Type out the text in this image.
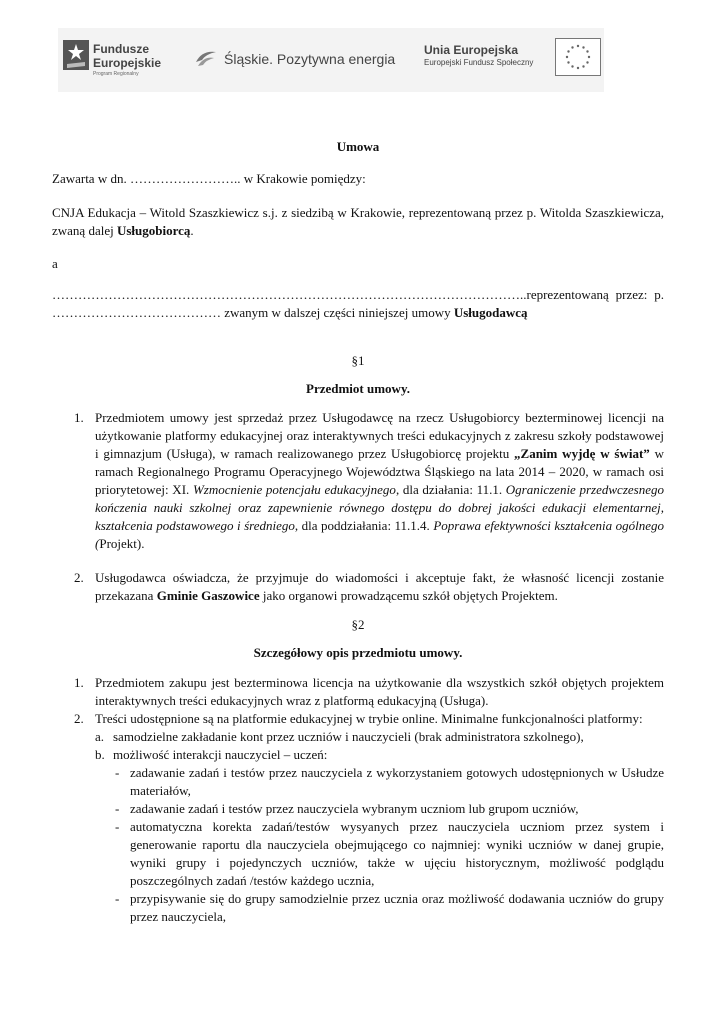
Fundusze
Europejskie
Program Regionalny
Śląskie. Pozytywna energia
Unia Europejska
Europejski Fundusz Społeczny

Umowa

Zawarta w dn. …………………….. w Krakowie pomiędzy:

CNJA Edukacja – Witold Szaszkiewicz s.j. z siedzibą w Krakowie, reprezentowaną przez p. Witolda Szaszkiewicza, zwaną dalej Usługobiorcą.

a

………………………………………………………………………………………………..reprezentowaną przez: p. ………………………………… zwanym w dalszej części niniejszej umowy Usługodawcą

§1

Przedmiot umowy.

1. Przedmiotem umowy jest sprzedaż przez Usługodawcę na rzecz Usługobiorcy bezterminowej licencji na użytkowanie platformy edukacyjnej oraz interaktywnych treści edukacyjnych z zakresu szkoły podstawowej i gimnazjum (Usługa), w ramach realizowanego przez Usługobiorcę projektu „Zanim wyjdę w świat” w ramach Regionalnego Programu Operacyjnego Województwa Śląskiego na lata 2014 – 2020, w ramach osi priorytetowej: XI. Wzmocnienie potencjału edukacyjnego, dla działania: 11.1. Ograniczenie przedwczesnego kończenia nauki szkolnej oraz zapewnienie równego dostępu do dobrej jakości edukacji elementarnej, kształcenia podstawowego i średniego, dla poddziałania: 11.1.4. Poprawa efektywności kształcenia ogólnego (Projekt).
2. Usługodawca oświadcza, że przyjmuje do wiadomości i akceptuje fakt, że własność licencji zostanie przekazana Gminie Gaszowice jako organowi prowadzącemu szkół objętych Projektem.

§2

Szczegółowy opis przedmiotu umowy.

1. Przedmiotem zakupu jest bezterminowa licencja na użytkowanie dla wszystkich szkół objętych projektem interaktywnych treści edukacyjnych wraz z platformą edukacyjną (Usługa).
2. Treści udostępnione są na platformie edukacyjnej w trybie online. Minimalne funkcjonalności platformy:
a. samodzielne zakładanie kont przez uczniów i nauczycieli (brak administratora szkolnego),
b. możliwość interakcji nauczyciel – uczeń:
- zadawanie zadań i testów przez nauczyciela z wykorzystaniem gotowych udostępnionych w Usłudze materiałów,
- zadawanie zadań i testów przez nauczyciela wybranym uczniom lub grupom uczniów,
- automatyczna korekta zadań/testów wysyanych przez nauczyciela uczniom przez system i generowanie raportu dla nauczyciela obejmującego co najmniej: wyniki uczniów w danej grupie, wyniki grupy i pojedynczych uczniów, także w ujęciu historycznym, możliwość podglądu poszczególnych zadań /testów każdego ucznia,
- przypisywanie się do grupy samodzielnie przez ucznia oraz możliwość dodawania uczniów do grupy przez nauczyciela,
